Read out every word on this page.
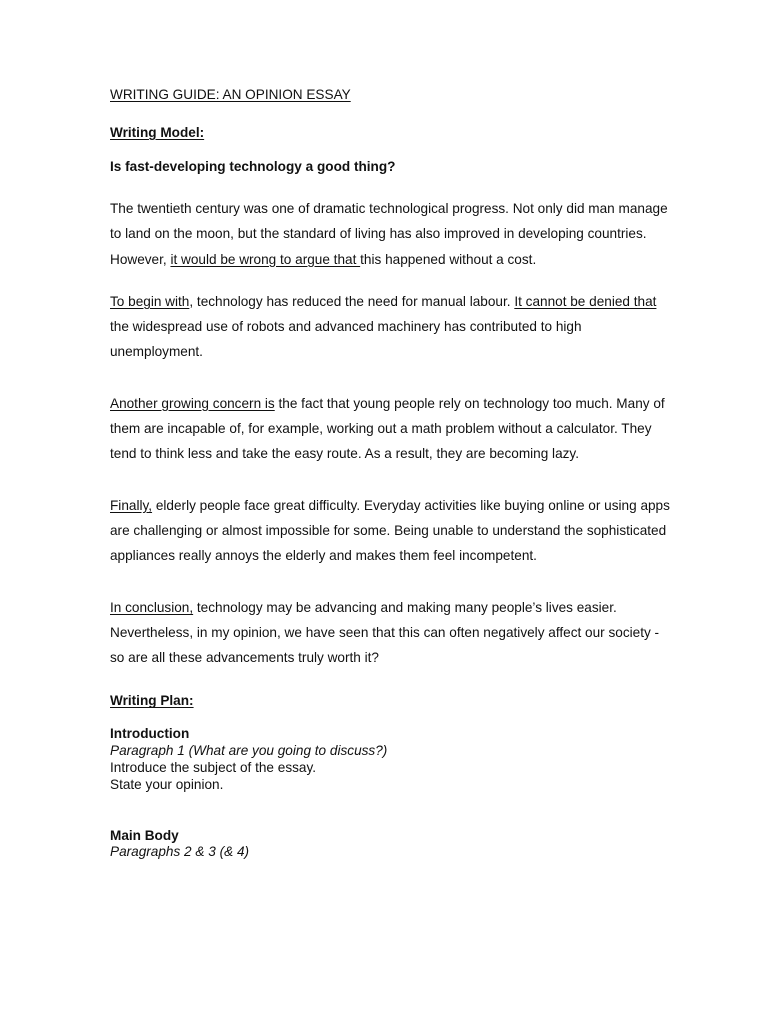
WRITING GUIDE: AN OPINION ESSAY
Writing Model:
Is fast-developing technology a good thing?

The twentieth century was one of dramatic technological progress. Not only did man manage to land on the moon, but the standard of living has also improved in developing countries. However, it would be wrong to argue that this happened without a cost.

To begin with, technology has reduced the need for manual labour. It cannot be denied that the widespread use of robots and advanced machinery has contributed to high unemployment.

Another growing concern is the fact that young people rely on technology too much. Many of them are incapable of, for example, working out a math problem without a calculator. They tend to think less and take the easy route. As a result, they are becoming lazy.

Finally, elderly people face great difficulty. Everyday activities like buying online or using apps are challenging or almost impossible for some. Being unable to understand the sophisticated appliances really annoys the elderly and makes them feel incompetent.

In conclusion, technology may be advancing and making many people’s lives easier. Nevertheless, in my opinion, we have seen that this can often negatively affect our society - so are all these advancements truly worth it?

Writing Plan:
Introduction
Paragraph 1 (What are you going to discuss?)
Introduce the subject of the essay.
State your opinion.
Main Body
Paragraphs 2 & 3 (& 4)
